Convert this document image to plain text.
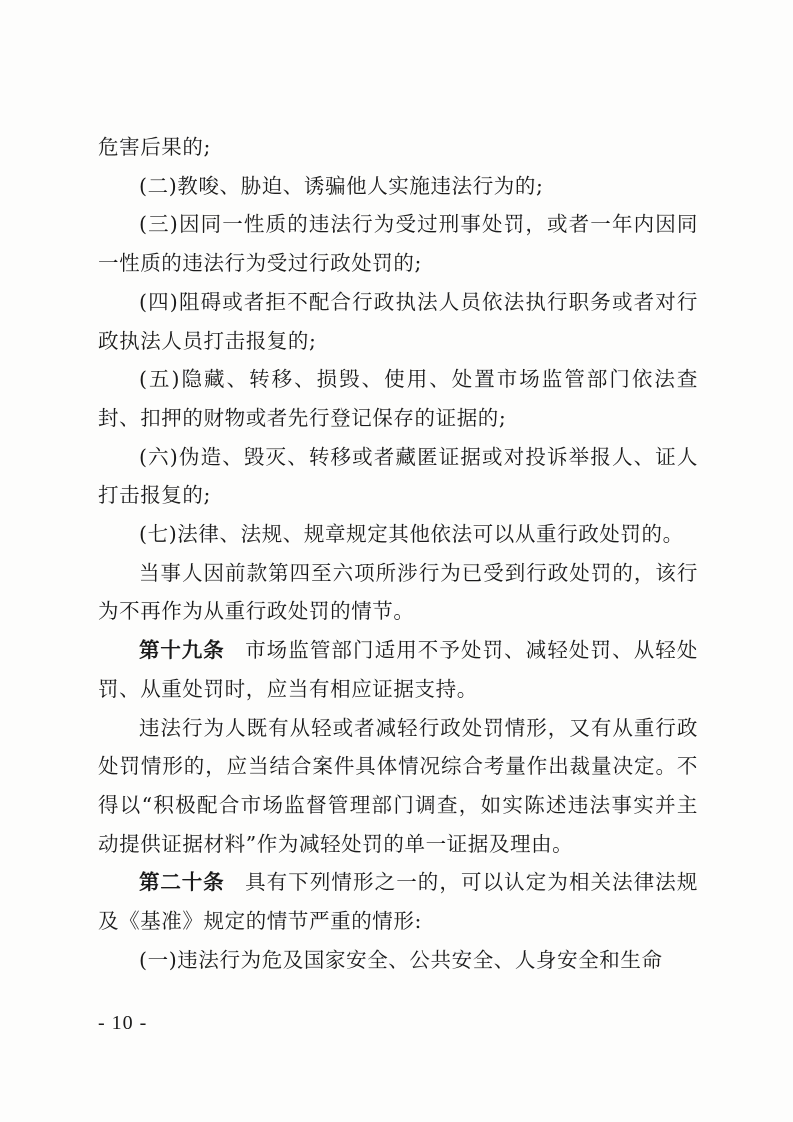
危害后果的;

(二)教唆、胁迫、诱骗他人实施违法行为的;

(三)因同一性质的违法行为受过刑事处罚，或者一年内因同一性质的违法行为受过行政处罚的;

(四)阻碍或者拒不配合行政执法人员依法执行职务或者对行政执法人员打击报复的;

(五)隐藏、转移、损毁、使用、处置市场监管部门依法查封、扣押的财物或者先行登记保存的证据的;

(六)伪造、毁灭、转移或者藏匿证据或对投诉举报人、证人打击报复的;

(七)法律、法规、规章规定其他依法可以从重行政处罚的。

当事人因前款第四至六项所涉行为已受到行政处罚的，该行为不再作为从重行政处罚的情节。

第十九条 市场监管部门适用不予处罚、减轻处罚、从轻处罚、从重处罚时，应当有相应证据支持。

违法行为人既有从轻或者减轻行政处罚情形，又有从重行政处罚情形的，应当结合案件具体情况综合考量作出裁量决定。不得以“积极配合市场监督管理部门调查，如实陈述违法事实并主动提供证据材料”作为减轻处罚的单一证据及理由。

第二十条 具有下列情形之一的，可以认定为相关法律法规及《基准》规定的情节严重的情形:

(一)违法行为危及国家安全、公共安全、人身安全和生命

- 10 -
